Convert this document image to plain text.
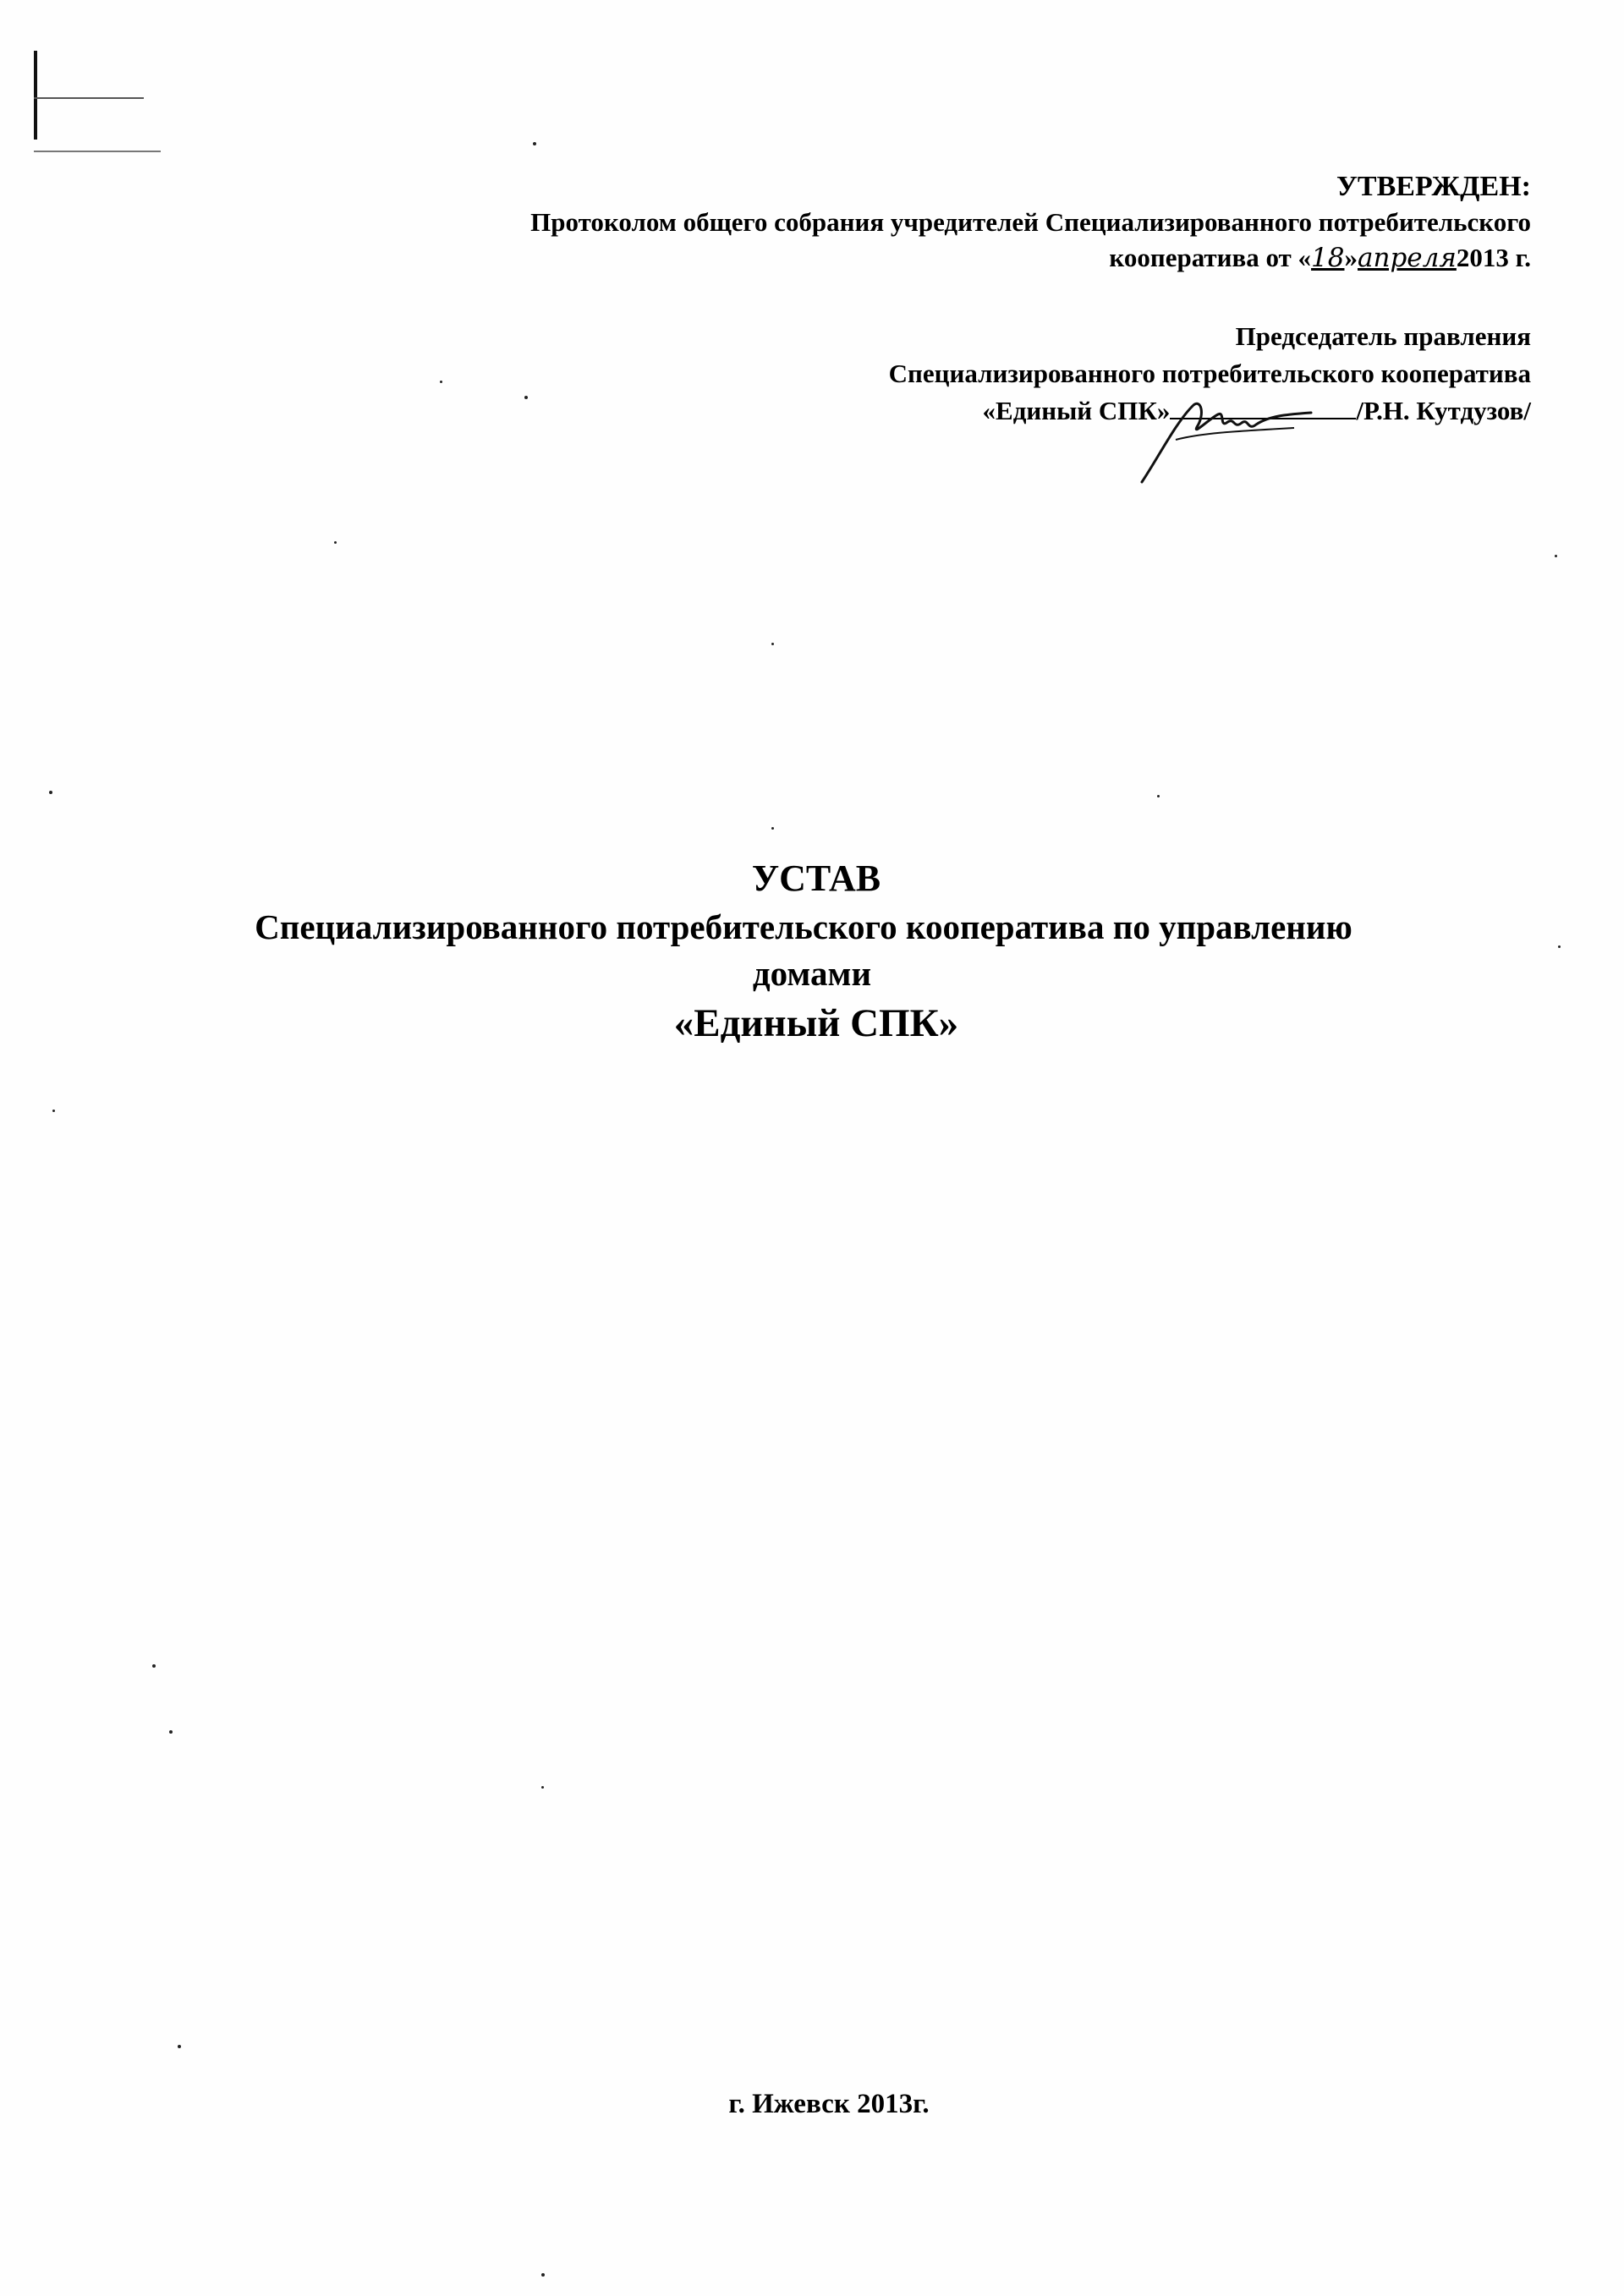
УТВЕРЖДЕН:
Протоколом общего собрания учредителей Специализированного потребительского
кооператива от «18»апреля2013 г.
Председатель правления
Специализированного потребительского кооператива
«Единый СПК»	/Р.Н. Кутдузов/
УСТАВ
Специализированного потребительского кооператива по управлению
домами
«Единый СПК»
г. Ижевск 2013г.
